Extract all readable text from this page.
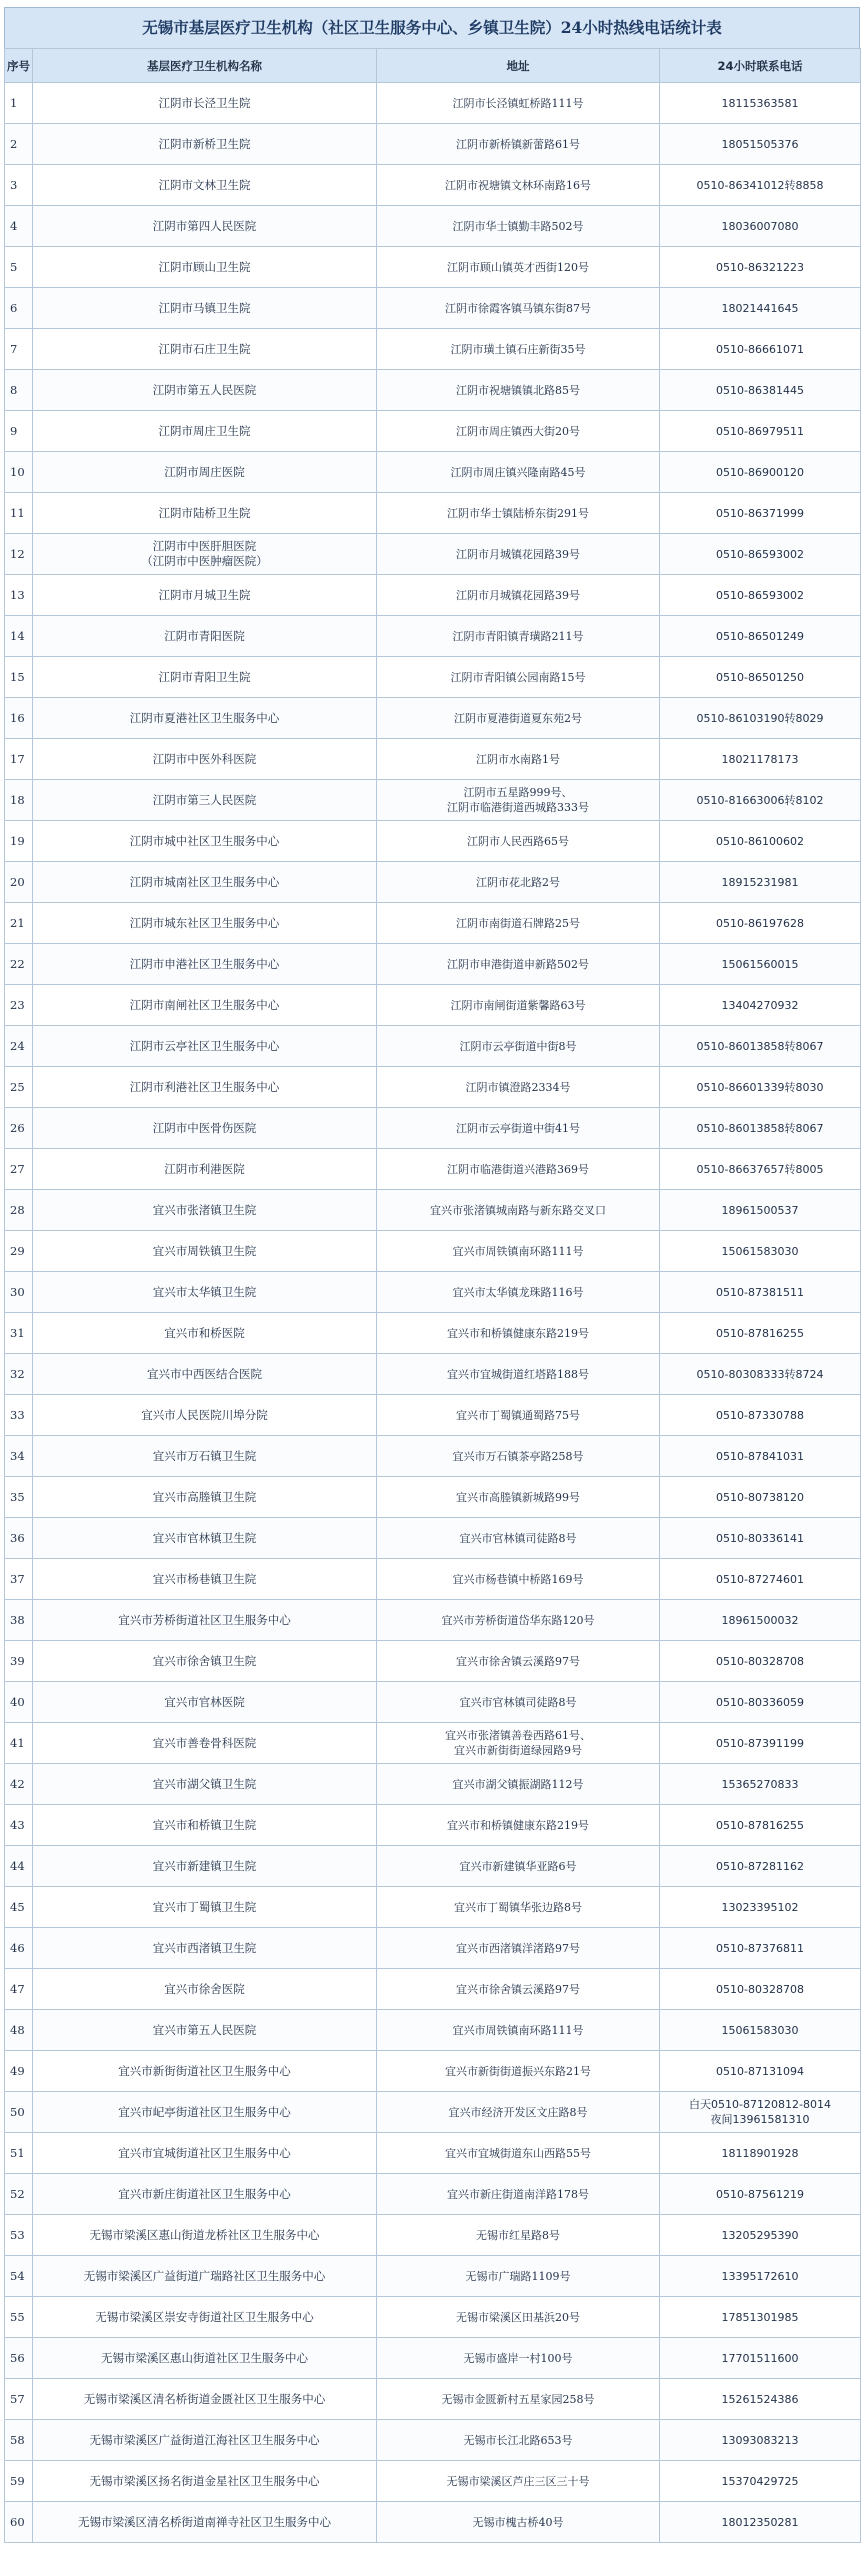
无锡市基层医疗卫生机构（社区卫生服务中心、乡镇卫生院）24小时热线电话统计表
序号	基层医疗卫生机构名称	地址	24小时联系电话
1	江阴市长泾卫生院	江阴市长泾镇虹桥路111号	18115363581

2	江阴市新桥卫生院	江阴市新桥镇新蕾路61号	18051505376

3	江阴市文林卫生院	江阴市祝塘镇文林环南路16号	0510-86341012转8858

4	江阴市第四人民医院	江阴市华士镇勤丰路502号	18036007080

5	江阴市顾山卫生院	江阴市顾山镇英才西街120号	0510-86321223

6	江阴市马镇卫生院	江阴市徐霞客镇马镇东街87号	18021441645

7	江阴市石庄卫生院	江阴市璜土镇石庄新街35号	0510-86661071

8	江阴市第五人民医院	江阴市祝塘镇镇北路85号	0510-86381445

9	江阴市周庄卫生院	江阴市周庄镇西大街20号	0510-86979511

10	江阴市周庄医院	江阴市周庄镇兴隆南路45号	0510-86900120

11	江阴市陆桥卫生院	江阴市华士镇陆桥东街291号	0510-86371999

12	江阴市中医肝胆医院
（江阴市中医肿瘤医院）	江阴市月城镇花园路39号	0510-86593002

13	江阴市月城卫生院	江阴市月城镇花园路39号	0510-86593002

14	江阴市青阳医院	江阴市青阳镇青璜路211号	0510-86501249

15	江阴市青阳卫生院	江阴市青阳镇公园南路15号	0510-86501250

16	江阴市夏港社区卫生服务中心	江阴市夏港街道夏东苑2号	0510-86103190转8029

17	江阴市中医外科医院	江阴市水南路1号	18021178173

18	江阴市第三人民医院	江阴市五星路999号、
江阴市临港街道西城路333号	0510-81663006转8102

19	江阴市城中社区卫生服务中心	江阴市人民西路65号	0510-86100602

20	江阴市城南社区卫生服务中心	江阴市花北路2号	18915231981

21	江阴市城东社区卫生服务中心	江阴市南街道石牌路25号	0510-86197628

22	江阴市申港社区卫生服务中心	江阴市申港街道申新路502号	15061560015

23	江阴市南闸社区卫生服务中心	江阴市南闸街道紫馨路63号	13404270932

24	江阴市云亭社区卫生服务中心	江阴市云亭街道中街8号	0510-86013858转8067

25	江阴市利港社区卫生服务中心	江阴市镇澄路2334号	0510-86601339转8030

26	江阴市中医骨伤医院	江阴市云亭街道中街41号	0510-86013858转8067

27	江阴市利港医院	江阴市临港街道兴港路369号	0510-86637657转8005

28	宜兴市张渚镇卫生院	宜兴市张渚镇城南路与新东路交叉口	18961500537

29	宜兴市周铁镇卫生院	宜兴市周铁镇南环路111号	15061583030

30	宜兴市太华镇卫生院	宜兴市太华镇龙珠路116号	0510-87381511

31	宜兴市和桥医院	宜兴市和桥镇健康东路219号	0510-87816255

32	宜兴市中西医结合医院	宜兴市宜城街道红塔路188号	0510-80308333转8724

33	宜兴市人民医院川埠分院	宜兴市丁蜀镇通蜀路75号	0510-87330788

34	宜兴市万石镇卫生院	宜兴市万石镇茶亭路258号	0510-87841031

35	宜兴市高塍镇卫生院	宜兴市高塍镇新城路99号	0510-80738120

36	宜兴市官林镇卫生院	宜兴市官林镇司徒路8号	0510-80336141

37	宜兴市杨巷镇卫生院	宜兴市杨巷镇中桥路169号	0510-87274601

38	宜兴市芳桥街道社区卫生服务中心	宜兴市芳桥街道岱华东路120号	18961500032

39	宜兴市徐舍镇卫生院	宜兴市徐舍镇云溪路97号	0510-80328708

40	宜兴市官林医院	宜兴市官林镇司徒路8号	0510-80336059

41	宜兴市善卷骨科医院	宜兴市张渚镇善卷西路61号、
宜兴市新街街道绿园路9号	0510-87391199

42	宜兴市湖父镇卫生院	宜兴市湖父镇振湖路112号	15365270833

43	宜兴市和桥镇卫生院	宜兴市和桥镇健康东路219号	0510-87816255

44	宜兴市新建镇卫生院	宜兴市新建镇华亚路6号	0510-87281162

45	宜兴市丁蜀镇卫生院	宜兴市丁蜀镇华张边路8号	13023395102

46	宜兴市西渚镇卫生院	宜兴市西渚镇洋渚路97号	0510-87376811

47	宜兴市徐舍医院	宜兴市徐舍镇云溪路97号	0510-80328708

48	宜兴市第五人民医院	宜兴市周铁镇南环路111号	15061583030

49	宜兴市新街街道社区卫生服务中心	宜兴市新街街道振兴东路21号	0510-87131094

50	宜兴市屺亭街道社区卫生服务中心	宜兴市经济开发区文庄路8号	白天0510-87120812-8014
夜间13961581310

51	宜兴市宜城街道社区卫生服务中心	宜兴市宜城街道东山西路55号	18118901928

52	宜兴市新庄街道社区卫生服务中心	宜兴市新庄街道南洋路178号	0510-87561219

53	无锡市梁溪区惠山街道龙桥社区卫生服务中心	无锡市红星路8号	13205295390

54	无锡市梁溪区广益街道广瑞路社区卫生服务中心	无锡市广瑞路1109号	13395172610

55	无锡市梁溪区崇安寺街道社区卫生服务中心	无锡市梁溪区田基浜20号	17851301985

56	无锡市梁溪区惠山街道社区卫生服务中心	无锡市盛岸一村100号	17701511600

57	无锡市梁溪区清名桥街道金匮社区卫生服务中心	无锡市金匮新村五星家园258号	15261524386

58	无锡市梁溪区广益街道江海社区卫生服务中心	无锡市长江北路653号	13093083213

59	无锡市梁溪区扬名街道金星社区卫生服务中心	无锡市梁溪区芦庄三区三十号	15370429725

60	无锡市梁溪区清名桥街道南禅寺社区卫生服务中心	无锡市槐古桥40号	18012350281
